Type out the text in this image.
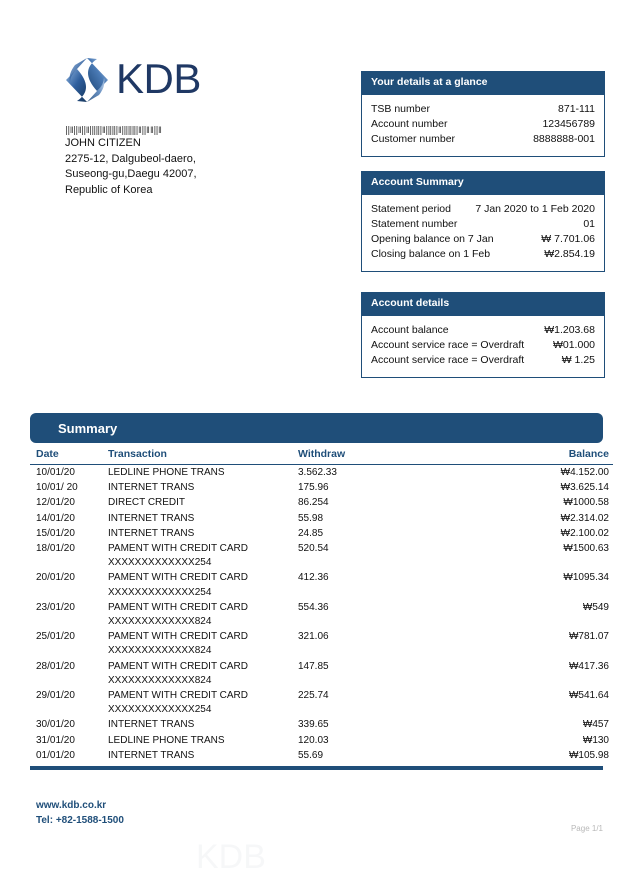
KDB
‖ǁ‖ǁ‖ǁ‖‖‖ǁ‖‖‖ǁ‖‖‖‖ǁ‖ǁǁ‖ǁ
JOHN CITIZEN
2275-12, Dalgubeol-daero,
Suseong-gu,Daegu 42007,
Republic of Korea
Your details at a glance
TSB number	871-111
Account number	123456789
Customer number	8888888-001
Account Summary
Statement period 7 Jan 2020 to 1 Feb 2020
Statement number	01
Opening balance on 7 Jan	₩ 7.701.06
Closing balance on 1 Feb	₩2.854.19
Account details
Account balance	₩1.203.68
Account service race = Overdraft	₩01.000
Account service race = Overdraft	₩ 1.25
Summary
Date	Transaction	Withdraw	Balance
10/01/20	LEDLINE PHONE TRANS	3.562.33	₩4.152.00
10/01/ 20	INTERNET TRANS	175.96	₩3.625.14
12/01/20	DIRECT CREDIT	86.254	₩1000.58
14/01/20	INTERNET TRANS	55.98	₩2.314.02
15/01/20	INTERNET TRANS	24.85	₩2.100.02
18/01/20	PAMENT WITH CREDIT CARD
XXXXXXXXXXXXX254	520.54	₩1500.63
20/01/20	PAMENT WITH CREDIT CARD
XXXXXXXXXXXXX254	412.36	₩1095.34
23/01/20	PAMENT WITH CREDIT CARD
XXXXXXXXXXXXX824	554.36	₩549
25/01/20	PAMENT WITH CREDIT CARD
XXXXXXXXXXXXX824	321.06	₩781.07
28/01/20	PAMENT WITH CREDIT CARD
XXXXXXXXXXXXX824	147.85	₩417.36
29/01/20	PAMENT WITH CREDIT CARD
XXXXXXXXXXXXX254	225.74	₩541.64
30/01/20	INTERNET TRANS	339.65	₩457
31/01/20	LEDLINE PHONE TRANS	120.03	₩130
01/01/20	INTERNET TRANS	55.69	₩105.98
www.kdb.co.kr
Tel: +82-1588-1500
Page 1/1
